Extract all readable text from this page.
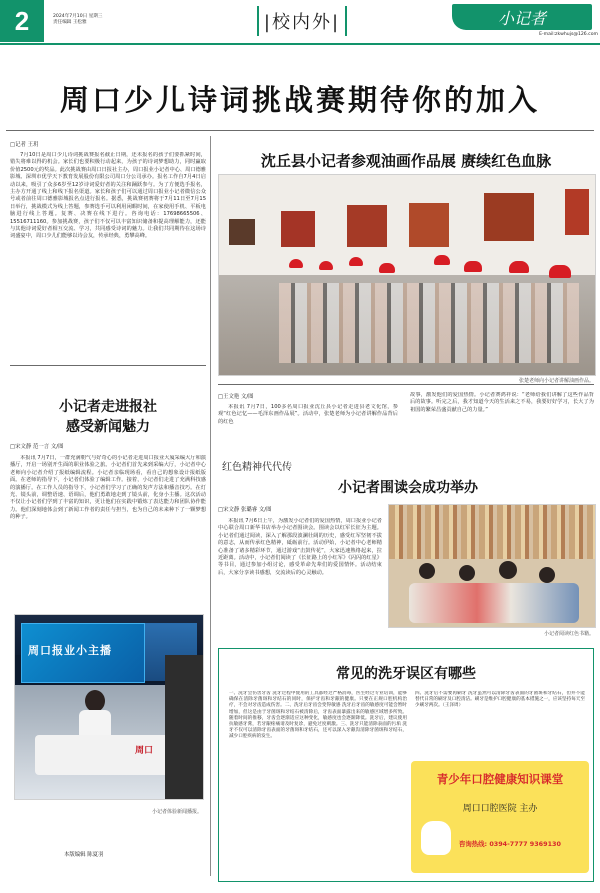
2	2024年7月10日 星期三
责任编辑 王松雅	|校内外|	小记者
E-mail:zkwhujs@126.com
周口少儿诗词挑战赛期待你的加入
□记者 王玥
7月10日是周口少儿诗词挑战赛报名截止日期，还未报名的孩子们要抓紧时间，错失将难以得的机会。家长们也要积极行动起来，为孩子的诗词梦想助力，同时赢取价值2500元的奖品。此次挑战赛由周口日报社主办，周口报业小记者中心、周口德雅影城、深圳市优学天下教育发展股份有限公司周口分公司承办。报名工作自7月4日启动以来，吸引了众多6岁至12岁诗词爱好者的关注和踊跃参与。为了方便选手报名，主办方开通了线上和线下报名渠道。家长和孩子们可以通过周口报业小记者微信公众号或者前往周口德雅影城报名点进行报名。据悉，挑战赛初赛将于7月11日至7月15日举行，挑战模式为线上答题，参赛选手可以利用闲暇时间，在家使用手机、平板电脑进行线上答题。复赛、决赛在线下进行。咨询电话：17698665506、15516711160。参加挑战赛，孩子们不仅可以丰富知识储备和提高理解能力，还能与其他诗词爱好者相互交流、学习，共同感受诗词的魅力。让我们共同期待在这场诗词盛宴中，周口少儿们能够以诗会友，传承经典，勇攀高峰。
小记者走进报社
感受新闻魅力
□宋文静 范一言 文/图
本报讯 7月7日，一群充满朝气与好奇心的小记者走进周口报业大厦采编大厅和演播厅，开启一场别开生面的职业体验之旅。小记者们首先来到采编大厅，小记者中心老师向小记者介绍了报纸编辑流程。小记者亲临现场看，看自己的想象设计报纸版面。在老师的指导下，小记者们体验了编辑工作。接着，小记者们走进了充满科技感的演播厅。在工作人员的指导下，小记者们学习了正确的发声方法和播音技巧。在灯光、镜头前，调整语速、语调后，他们勇敢地走到了镜头前，化身小主播。这次活动不仅让小记者们学到了丰富的知识，更让他们在实践中锻炼了表达能力和团队协作能力。他们深刻地体会到了新闻工作者的责任与担当，也为自己的未来种下了一颗梦想的种子。
周口报业小主播
周口
小记者体验新闻播报。
本版编辑 陈夏羽
沈丘县小记者参观油画作品展 赓续红色血脉
张楚老师向小记者讲解油画作品。
□王文艳 文/图
本报讯 7月7日，100多名周口报业沈丘县小记者走进县老文化馆，参观“红色记忆——毛泽东画作品展”。活动中，张楚老师为小记者讲解作品背后的红色
故事，激发他们的爱国热情。小记者赛鸿祥说：“老师给我们讲解了这些作品背后的故事。听完之后，我才知道今天的生活来之不易，我要好好学习，长大了为祖国的繁荣昌盛贡献自己的力量。”
红色精神代代传
小记者围读会成功举办
□宋文静 张璐睿 文/图
本报讯 7月6日上午，为激发小记者们的爱国热情，周口报业小记者中心联合周口新华书店举办小记者围读会。围读会以红军长征为主题。小记者们通过阅读，深入了解那段波澜壮阔的历史，感受红军坚韧不拔的意志，从而传承红色精神，砥砺前行。活动伊始，小记者中心老师精心准备了诸多精彩环节，通过游戏“击鼓传花”，大家迅速熟络起来，拉近距离。活动中，小记者们阅读了《长征路上的小红军》《闪闪的红星》等书目，通过参加小组讨论，感受革命先辈们的爱国情怀。活动结束后，大家分享读书感想，交流读后的心灵触动。
小记者阅读红色书籍。
常见的洗牙误区有哪些
一、洗牙会伤害牙齿 洗牙过程中使用的工具都经过严格消毒，医生经过专业培训，能够确保在清除牙菌斑和牙结石的同时，保护牙齿和牙龈的健康。只要在正规口腔机构治疗，不会对牙齿造成伤害。二、洗牙后牙齿会变得敏感 洗牙后牙齿的敏感度可能会暂时增加，但这是由于牙菌斑和牙结石被清除后，牙齿表面暴露出来的敏感区域增多所致。随着时间的推移，牙齿会逐渐适应这种变化，敏感度也会逐渐降低。洗牙后，建议使用抗敏感牙膏，若牙龈疼痛请及时复诊，避免过度刺激。三、洗牙只能清除表面的污垢 洗牙不仅可以清除牙齿表面的牙菌斑和牙结石，还可以深入牙龈沟清除牙菌斑和牙结石，减少口腔疾病的发生。
四、洗牙后不需要再刷牙 洗牙虽然可以清除牙齿表面的牙菌斑和牙结石，但并不能替代日常的刷牙及口腔清洁。刷牙是维护口腔健康的基本措施之一，应该坚持每天至少刷牙两次。（王泽周）
青少年口腔健康知识课堂
周口口腔医院 主办
咨询热线: 0394-7777 9369130
